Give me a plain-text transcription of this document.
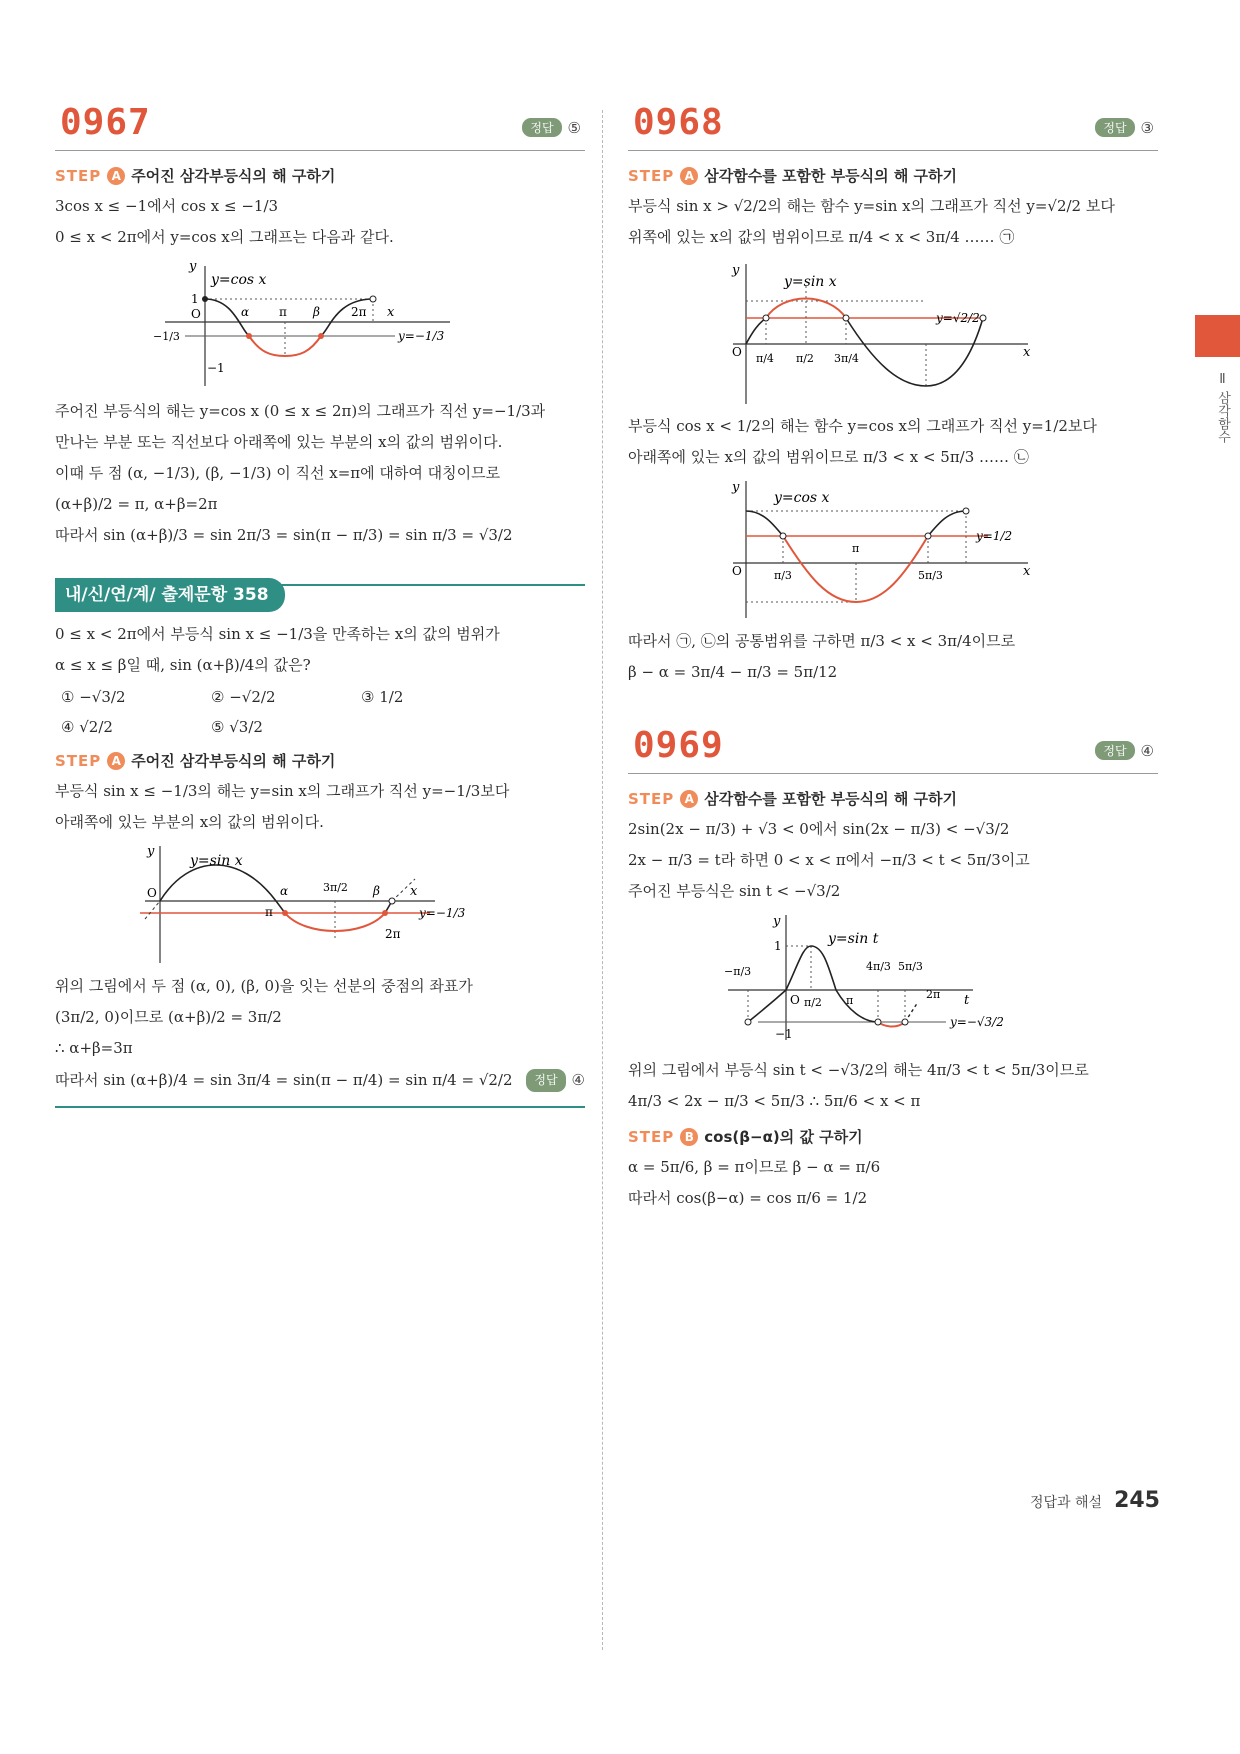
Ⅱ 삼각함수
0967	정답 ⑤
STEP A 주어진 삼각부등식의 해 구하기
3cos x ≤ −1에서 cos x ≤ −1/3
0 ≤ x < 2π에서 y=cos x의 그래프는 다음과 같다.
y
y=cos x
1
O	α π β	2π x
−1/3	y=−1/3
−1
주어진 부등식의 해는 y=cos x (0 ≤ x ≤ 2π)의 그래프가 직선 y=−1/3과
만나는 부분 또는 직선보다 아래쪽에 있는 부분의 x의 값의 범위이다.
이때 두 점 (α, −1/3), (β, −1/3) 이 직선 x=π에 대하여 대칭이므로
(α+β)/2 = π, α+β=2π
따라서 sin (α+β)/3 = sin 2π/3 = sin(π − π/3) = sin π/3 = √3/2
내/신/연/계/ 출제문항 358
0 ≤ x < 2π에서 부등식 sin x ≤ −1/3을 만족하는 x의 값의 범위가
α ≤ x ≤ β일 때, sin (α+β)/4의 값은?
① −√3/2	② −√2/2	③ 1/2
④ √2/2	⑤ √3/2
STEP A 주어진 삼각부등식의 해 구하기
부등식 sin x ≤ −1/3의 해는 y=sin x의 그래프가 직선 y=−1/3보다
아래쪽에 있는 부분의 x의 값의 범위이다.
y
y=sin x
O
π
α	3π/2 β x
2π
y=−1/3
위의 그림에서 두 점 (α, 0), (β, 0)을 잇는 선분의 중점의 좌표가
(3π/2, 0)이므로 (α+β)/2 = 3π/2
∴ α+β=3π
따라서 sin (α+β)/4 = sin 3π/4 = sin(π − π/4) = sin π/4 = √2/2	정답 ④
0968	정답 ③
STEP A 삼각함수를 포함한 부등식의 해 구하기
부등식 sin x > √2/2의 해는 함수 y=sin x의 그래프가 직선 y=√2/2 보다
위쪽에 있는 x의 값의 범위이므로 π/4 < x < 3π/4 …… ㉠
y
y=sin x
O π/4 π/2 3π/4
y=√2/2
x
부등식 cos x < 1/2의 해는 함수 y=cos x의 그래프가 직선 y=1/2보다
아래쪽에 있는 x의 값의 범위이므로 π/3 < x < 5π/3 …… ㉡
y
y=cos x
O	π/3
π
5π/3
y=1/2
x
따라서 ㉠, ㉡의 공통범위를 구하면 π/3 < x < 3π/4이므로
β − α = 3π/4 − π/3 = 5π/12
0969	정답 ④
STEP A 삼각함수를 포함한 부등식의 해 구하기
2sin(2x − π/3) + √3 < 0에서 sin(2x − π/3) < −√3/2
2x − π/3 = t라 하면 0 < x < π에서 −π/3 < t < 5π/3이고
주어진 부등식은 sin t < −√3/2
y
y=sin t
1
−π/3
O π/2 π
4π/3 5π/3
2π t
−1
y=−√3/2
위의 그림에서 부등식 sin t < −√3/2의 해는 4π/3 < t < 5π/3이므로
4π/3 < 2x − π/3 < 5π/3 ∴ 5π/6 < x < π
STEP B cos(β−α)의 값 구하기
α = 5π/6, β = π이므로 β − α = π/6
따라서 cos(β−α) = cos π/6 = 1/2
정답과 해설 245
